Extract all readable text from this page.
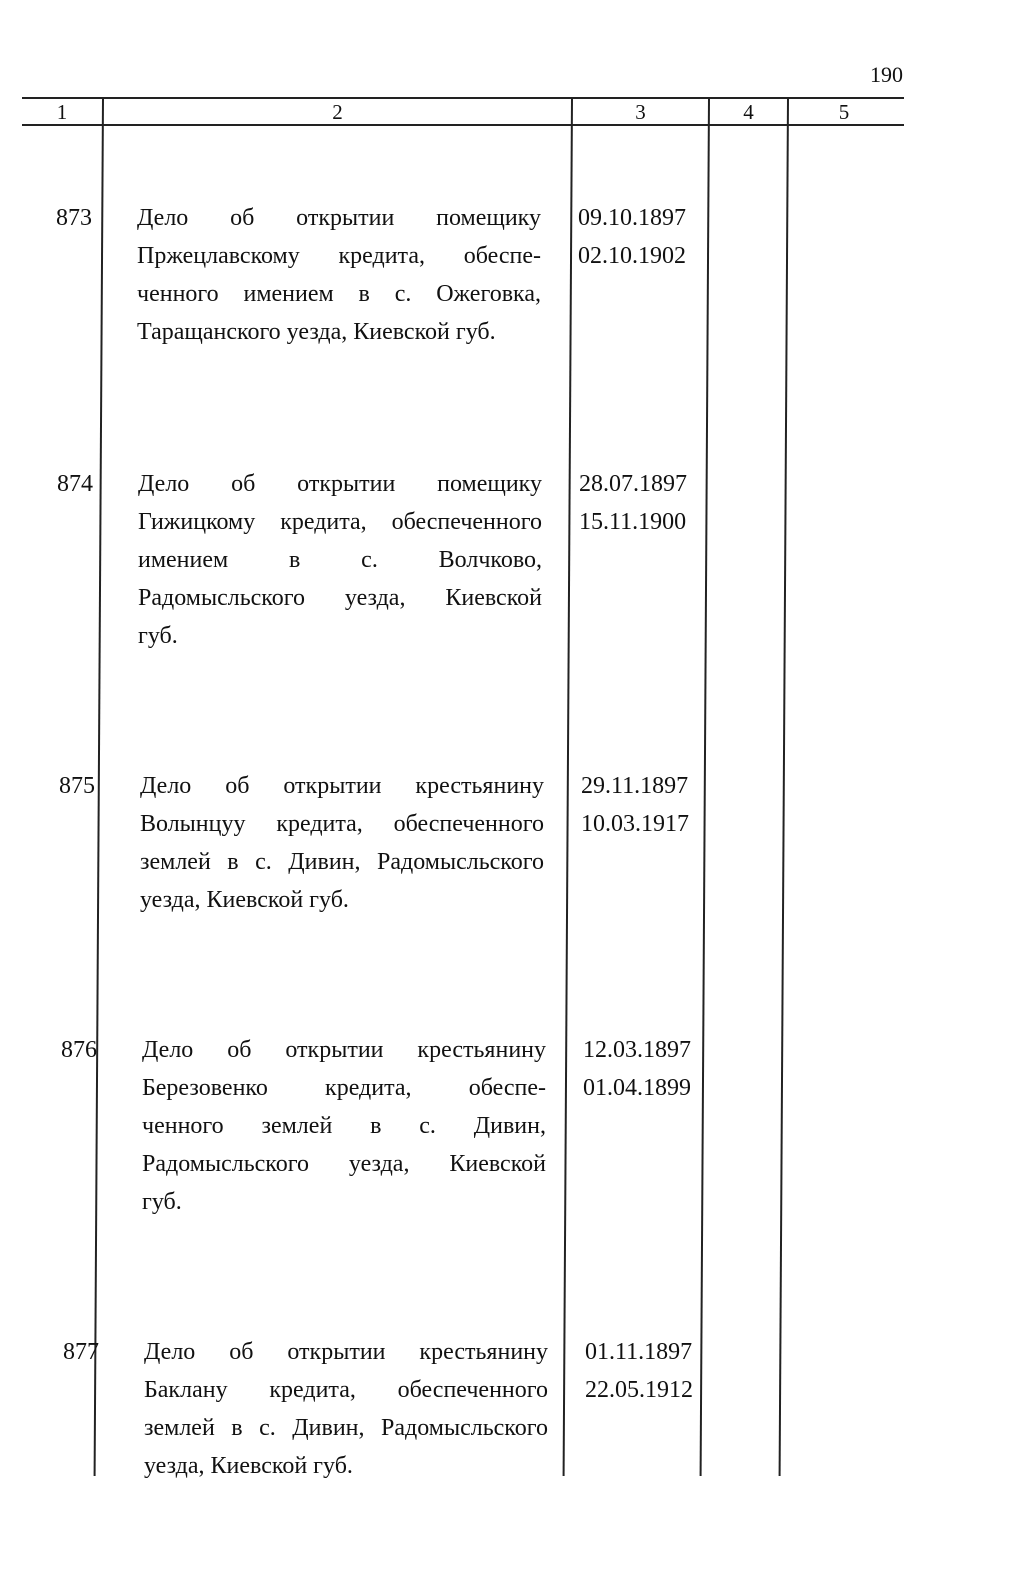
190
1	2	3	4	5
873 Дело об открытии помещику
Пржецлавскому кредита, обеспе-
ченного имением в с. Ожеговка,
Таращанского уезда, Киевской губ.
09.10.1897
02.10.1902
874 Дело об открытии помещику
Гижицкому кредита, обеспеченного
имением в с. Волчково,
Радомысльского уезда, Киевской
губ.
28.07.1897
15.11.1900
875 Дело об открытии крестьянину
Волынцуу кредита, обеспеченного
землей в с. Дивин, Радомысльского
уезда, Киевской губ.
29.11.1897
10.03.1917
876 Дело об открытии крестьянину
Березовенко кредита, обеспе-
ченного землей в с. Дивин,
Радомысльского уезда, Киевской
губ.
12.03.1897
01.04.1899
877 Дело об открытии крестьянину
Баклану кредита, обеспеченного
землей в с. Дивин, Радомысльского
уезда, Киевской губ.
01.11.1897
22.05.1912
